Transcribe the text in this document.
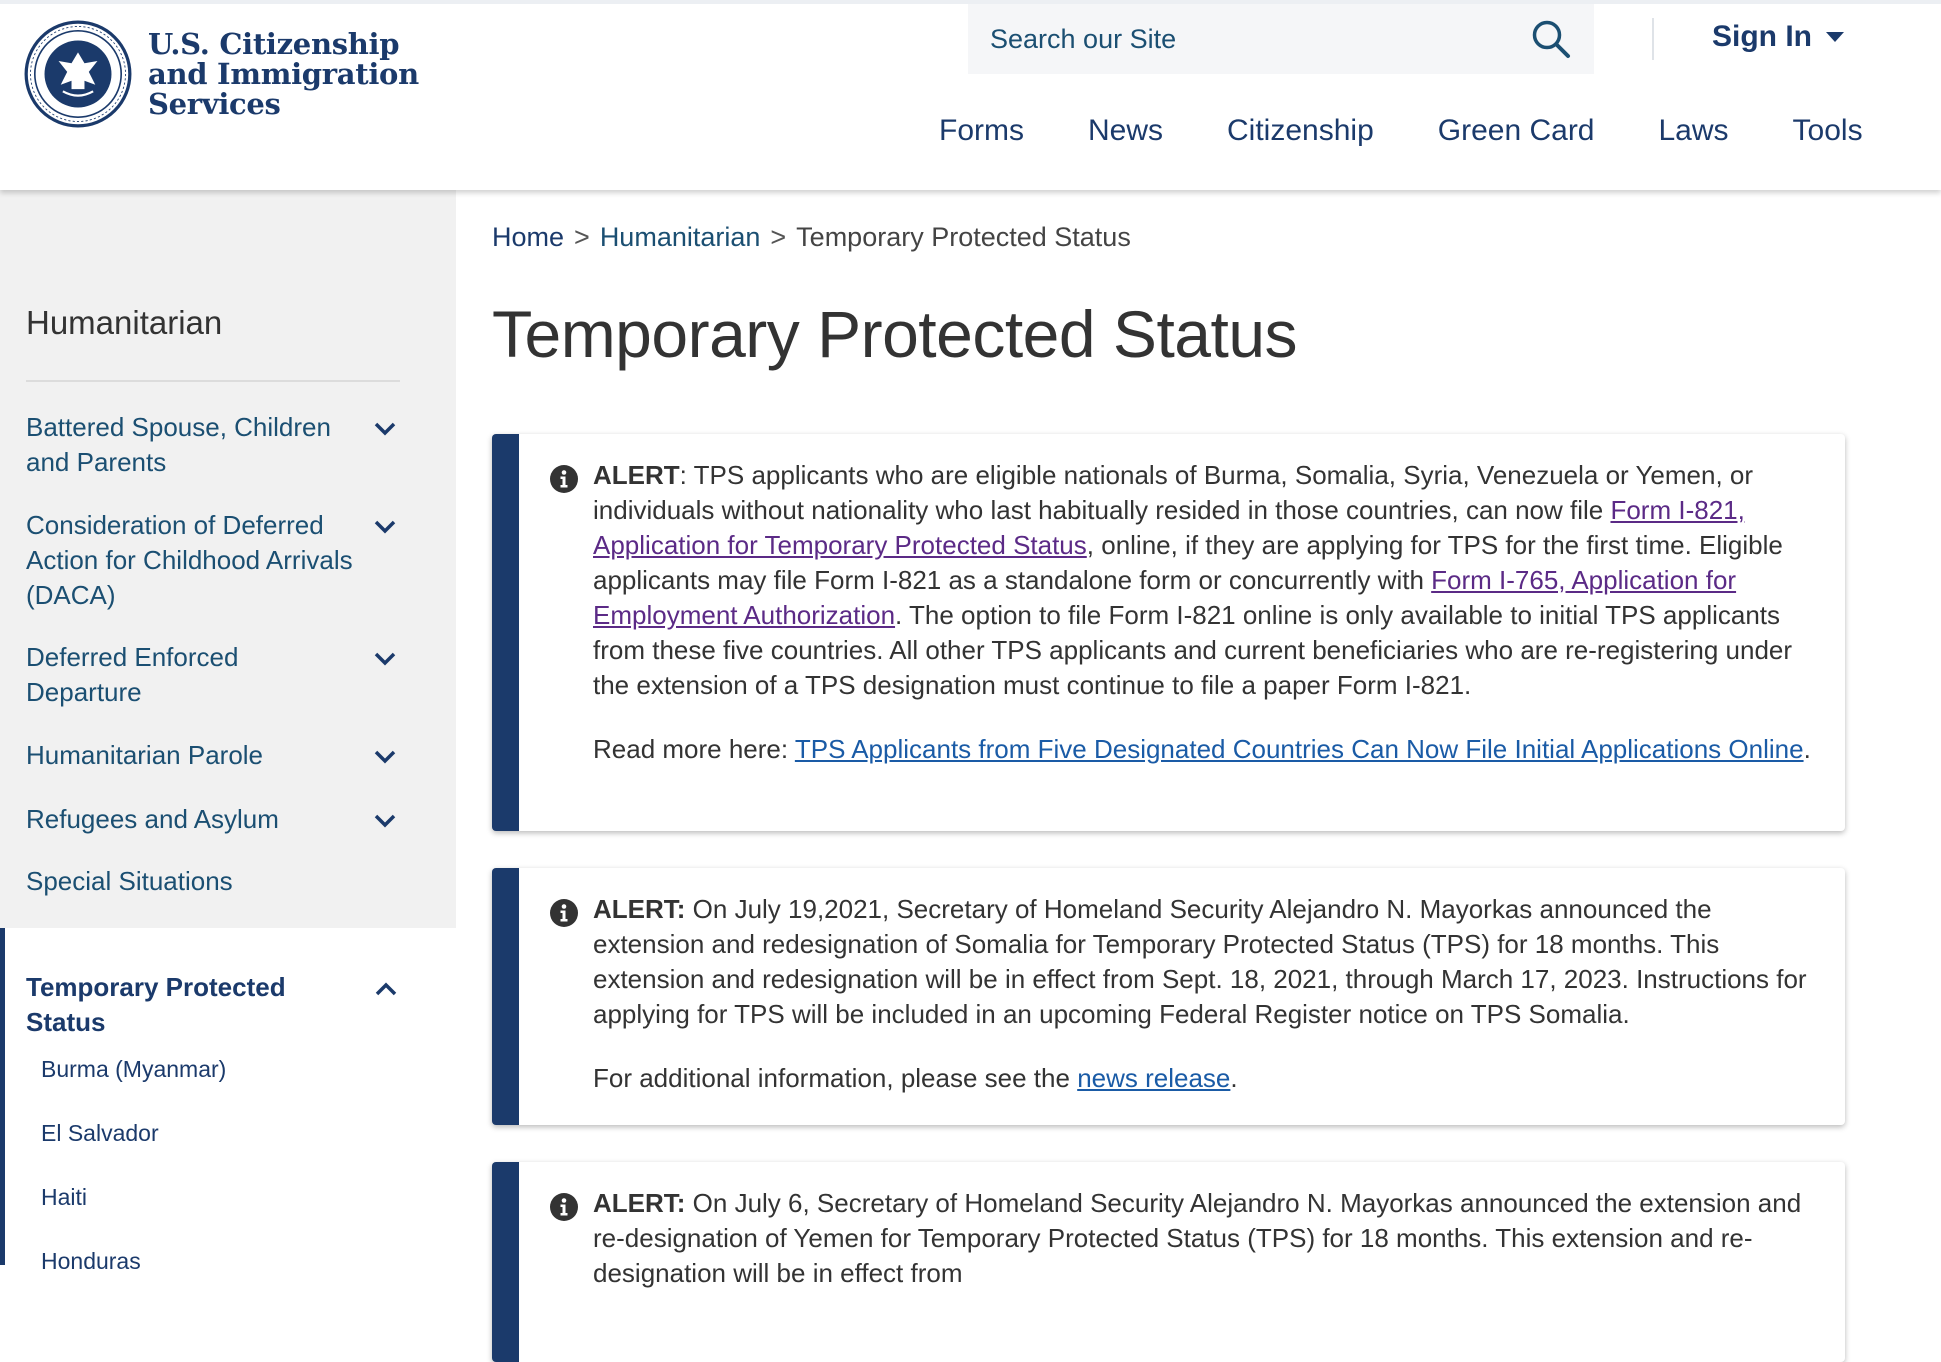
U.S. Citizenship
and Immigration
Services
Search our Site
Sign In
Forms News Citizenship Green Card Laws Tools
Humanitarian
Battered Spouse, Children and Parents
Consideration of Deferred Action for Childhood Arrivals (DACA)
Deferred Enforced Departure
Humanitarian Parole
Refugees and Asylum
Special Situations
Temporary Protected Status
Burma (Myanmar)
El Salvador
Haiti
Honduras
Home > Humanitarian > Temporary Protected Status
Temporary Protected Status

ALERT: TPS applicants who are eligible nationals of Burma, Somalia, Syria, Venezuela or Yemen, or individuals without nationality who last habitually resided in those countries, can now file Form I-821, Application for Temporary Protected Status, online, if they are applying for TPS for the first time. Eligible applicants may file Form I-821 as a standalone form or concurrently with Form I-765, Application for Employment Authorization. The option to file Form I-821 online is only available to initial TPS applicants from these five countries. All other TPS applicants and current beneficiaries who are re-registering under the extension of a TPS designation must continue to file a paper Form I-821.

Read more here: TPS Applicants from Five Designated Countries Can Now File Initial Applications Online.

ALERT: On July 19,2021, Secretary of Homeland Security Alejandro N. Mayorkas announced the extension and redesignation of Somalia for Temporary Protected Status (TPS) for 18 months. This extension and redesignation will be in effect from Sept. 18, 2021, through March 17, 2023. Instructions for applying for TPS will be included in an upcoming Federal Register notice on TPS Somalia.

For additional information, please see the news release.

ALERT: On July 6, Secretary of Homeland Security Alejandro N. Mayorkas announced the extension and re-designation of Yemen for Temporary Protected Status (TPS) for 18 months. This extension and re-designation will be in effect from
